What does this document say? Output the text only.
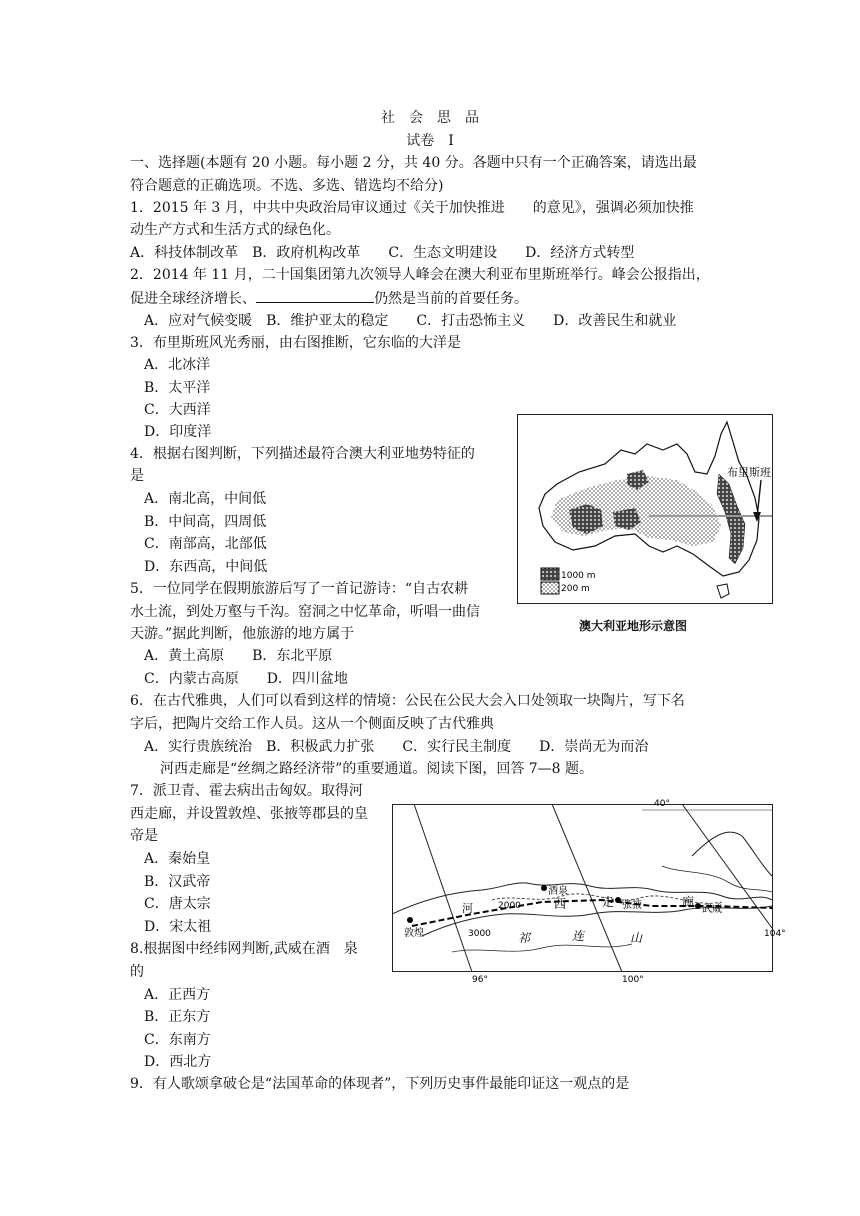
社　会　思　品
试卷　I
一、选择题(本题有 20 小题。每小题 2 分，共 40 分。各题中只有一个正确答案，请选出最
符合题意的正确选项。不选、多选、错选均不给分)
1．2015 年 3 月，中共中央政治局审议通过《关于加快推进　　的意见》，强调必须加快推
动生产方式和生活方式的绿色化。
A．科技体制改革　B．政府机构改革　　C．生态文明建设　　D．经济方式转型
2．2014 年 11 月，二十国集团第九次领导人峰会在澳大利亚布里斯班举行。峰会公报指出，
促进全球经济增长、	仍然是当前的首要任务。
A．应对气候变暖　B．维护亚太的稳定　　C．打击恐怖主义　　D．改善民生和就业
3．布里斯班风光秀丽，由右图推断，它东临的大洋是
A．北冰洋
B．太平洋
C．大西洋
D．印度洋
4．根据右图判断，下列描述最符合澳大利亚地势特征的
是
A．南北高，中间低
B．中间高，四周低
C．南部高，北部低
D．东西高，中间低
5．一位同学在假期旅游后写了一首记游诗：“自古农耕
水土流，到处万壑与千沟。窑洞之中忆革命，听唱一曲信
天游。”据此判断，他旅游的地方属于
A．黄土高原　　B．东北平原
C．内蒙古高原　　D．四川盆地
6．在古代雅典，人们可以看到这样的情境：公民在公民大会入口处领取一块陶片，写下名
字后，把陶片交给工作人员。这从一个侧面反映了古代雅典
A．实行贵族统治　B．积极武力扩张　　C．实行民主制度　　D．崇尚无为而治
河西走廊是“丝绸之路经济带”的重要通道。阅读下图，回答 7—8 题。
7．派卫青、霍去病出击匈奴。取得河
西走廊，并设置敦煌、张掖等郡县的皇
帝是
A．秦始皇
B．汉武帝
C．唐太宗
D．宋太祖
8.根据图中经纬网判断,武威在酒　泉
的
A．正西方
B．正东方
C．东南方
D．西北方
9．有人歌颂拿破仑是“法国革命的体现者”，下列历史事件最能印证这一观点的是
布里斯班
1000 m
200 m
澳大利亚地形示意图
敦煌
酒泉
张掖	武威
河	西	走	廊
祁	连	山
2000
3000
40°
96°	100°
104°
